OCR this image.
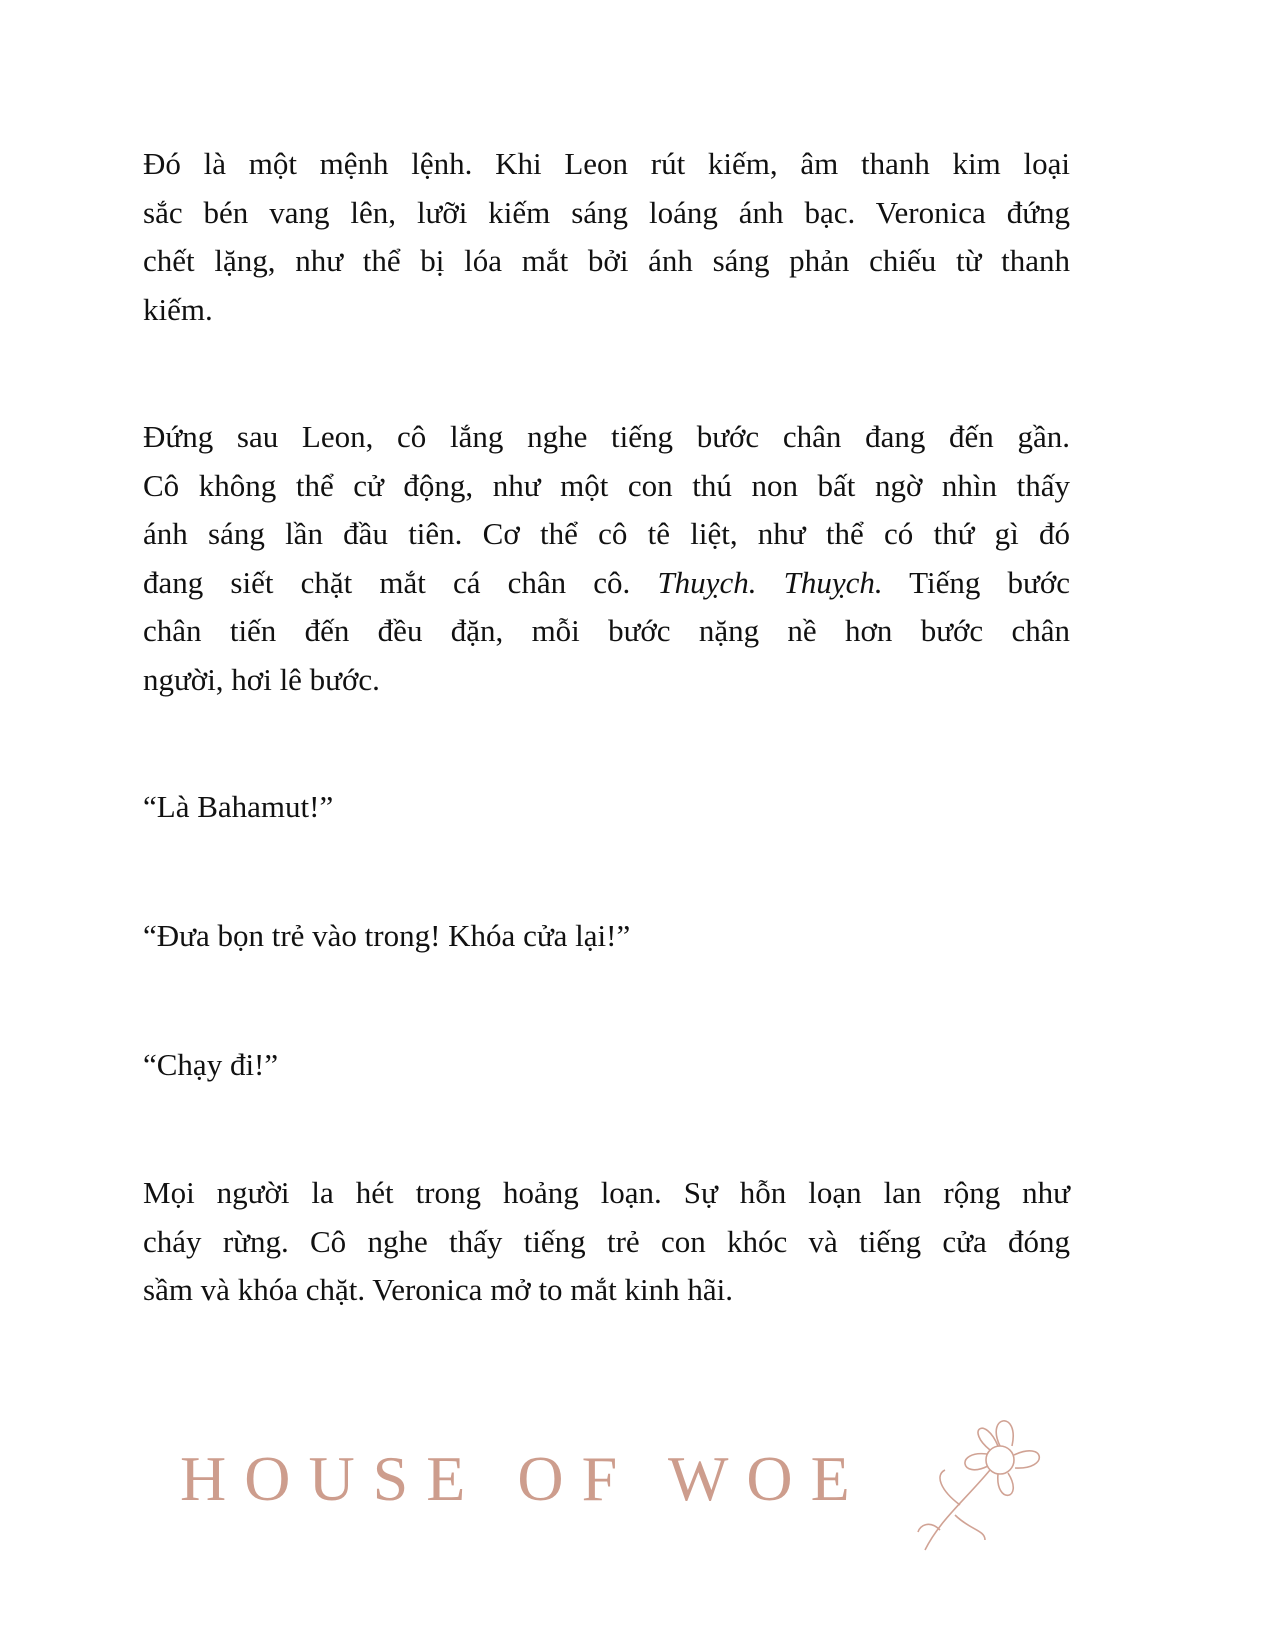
Đó là một mệnh lệnh. Khi Leon rút kiếm, âm thanh kim loại
sắc bén vang lên, lưỡi kiếm sáng loáng ánh bạc. Veronica đứng
chết lặng, như thể bị lóa mắt bởi ánh sáng phản chiếu từ thanh
kiếm.
Đứng sau Leon, cô lắng nghe tiếng bước chân đang đến gần.
Cô không thể cử động, như một con thú non bất ngờ nhìn thấy
ánh sáng lần đầu tiên. Cơ thể cô tê liệt, như thể có thứ gì đó
đang siết chặt mắt cá chân cô. Thuỵch. Thuỵch. Tiếng bước
chân tiến đến đều đặn, mỗi bước nặng nề hơn bước chân
người, hơi lê bước.
“Là Bahamut!”
“Đưa bọn trẻ vào trong! Khóa cửa lại!”
“Chạy đi!”
Mọi người la hét trong hoảng loạn. Sự hỗn loạn lan rộng như
cháy rừng. Cô nghe thấy tiếng trẻ con khóc và tiếng cửa đóng
sầm và khóa chặt. Veronica mở to mắt kinh hãi.
HOUSE OF WOE
